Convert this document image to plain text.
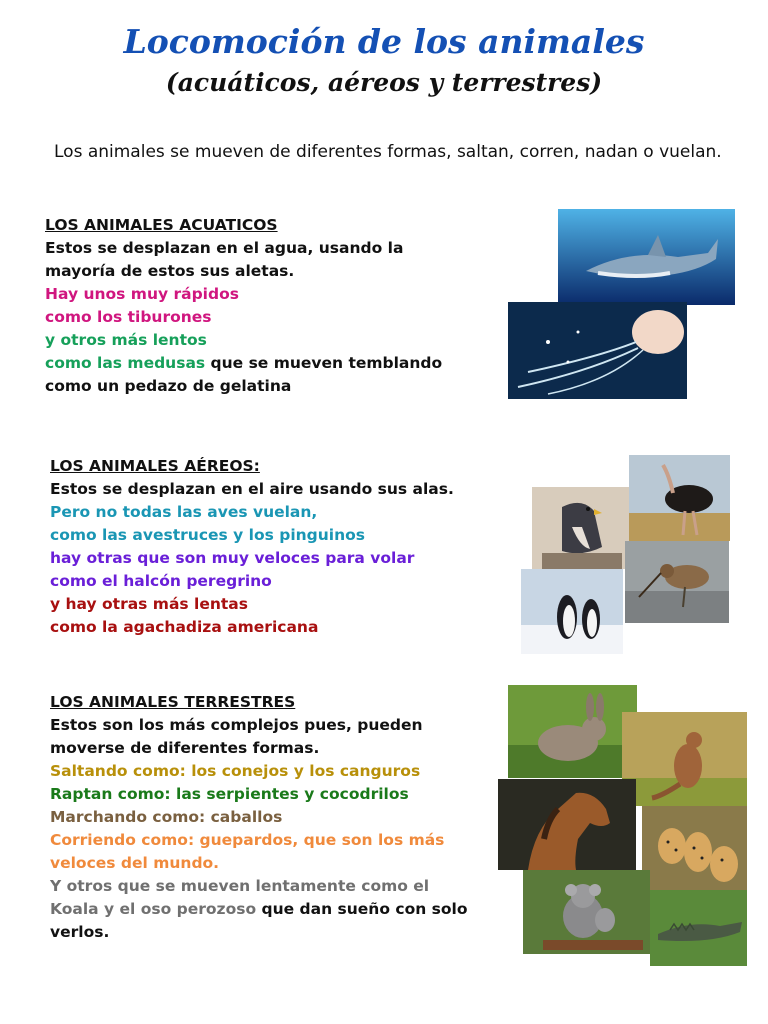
Locomoción de los animales
(acuáticos, aéreos y terrestres)
Los animales se mueven de diferentes formas, saltan, corren, nadan o vuelan.
LOS ANIMALES ACUATICOS
Estos se desplazan en el agua, usando la
mayoría de estos sus aletas.
Hay unos muy rápidos
como los tiburones
y otros más lentos
como las medusas que se mueven temblando
como un pedazo de gelatina
LOS ANIMALES AÉREOS:
Estos se desplazan en el aire usando sus alas.
Pero no todas las aves vuelan,
como las avestruces y los pinguinos
hay otras que son muy veloces para volar
como el halcón peregrino
y hay otras más lentas
como la agachadiza americana
LOS ANIMALES TERRESTRES
Estos son los más complejos pues, pueden
moverse de diferentes formas.
Saltando como: los conejos y los canguros
Raptan como: las serpientes y cocodrilos
Marchando como: caballos
Corriendo como: guepardos, que son los más
veloces del mundo.
Y otros que se mueven lentamente como el
Koala y el oso perozoso que dan sueño con solo
verlos.
